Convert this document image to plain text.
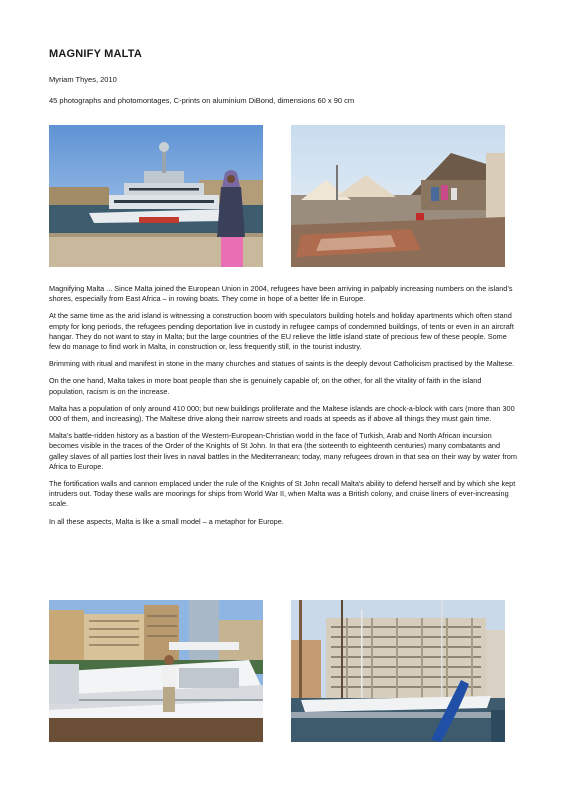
MAGNIFY MALTA
Myriam Thyes, 2010
45 photographs and photomontages, C-prints on aluminium DiBond, dimensions 60 x 90 cm

Magnifying Malta ... Since Malta joined the European Union in 2004, refugees have been arriving in palpably increasing numbers on the island’s shores, especially from East Africa – in rowing boats. They come in hope of a better life in Europe.

At the same time as the arid island is witnessing a construction boom with speculators building hotels and holiday apartments which often stand empty for long periods, the refugees pending deportation live in custody in refugee camps of condemned buildings, of tents or even in an aircraft hangar. They do not want to stay in Malta; but the large countries of the EU relieve the little island state of precious few of these people. Some few do manage to find work in Malta, in construction or, less frequently still, in the tourist industry.

Brimming with ritual and manifest in stone in the many churches and statues of saints is the deeply devout Catholicism practised by the Maltese.

On the one hand, Malta takes in more boat people than she is genuinely capable of; on the other, for all the vitality of faith in the island population, racism is on the increase.

Malta has a population of only around 410 000; but new buildings proliferate and the Maltese islands are chock-a-block with cars (more than 300 000 of them, and increasing). The Maltese drive along their narrow streets and roads at speeds as if above all things they must gain time.

Malta’s battle-ridden history as a bastion of the Western-European-Christian world in the face of Turkish, Arab and North African incursion becomes visible in the traces of the Order of the Knights of St John. In that era (the sixteenth to eighteenth centuries) many combatants and galley slaves of all parties lost their lives in naval battles in the Mediterranean; today, many refugees drown in that sea on their way by water from Africa to Europe.

The fortification walls and cannon emplaced under the rule of the Knights of St John recall Malta's ability to defend herself and by which she kept intruders out. Today these walls are moorings for ships from World War II, when Malta was a British colony, and cruise liners of ever-increasing scale.

In all these aspects, Malta is like a small model – a metaphor for Europe.
